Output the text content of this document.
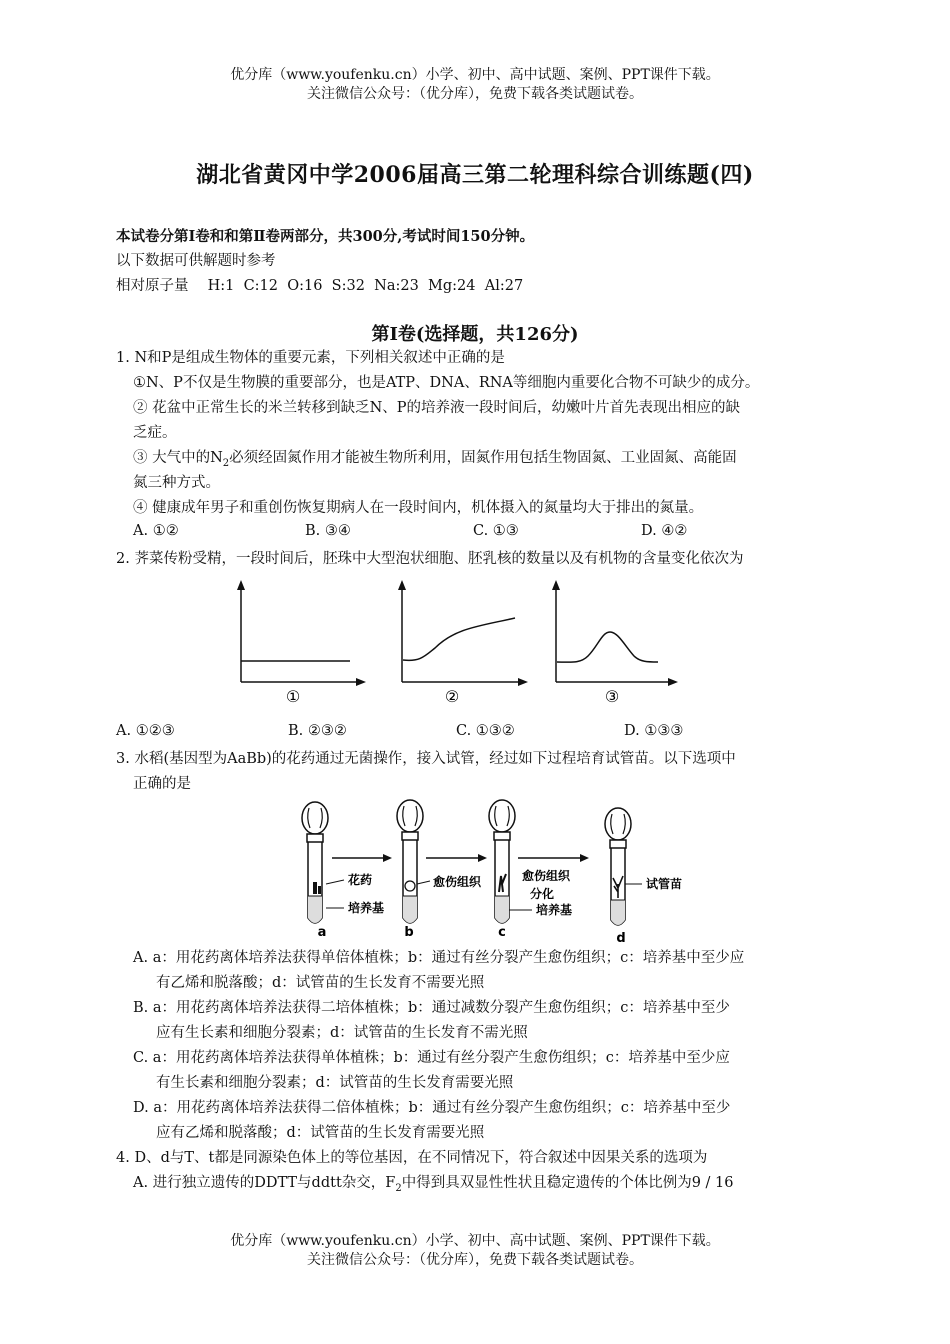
优分库（www.youfenku.cn）小学、初中、高中试题、案例、PPT课件下载。
关注微信公众号：（优分库），免费下载各类试题试卷。
湖北省黄冈中学2006届高三第二轮理科综合训练题(四)
本试卷分第Ⅰ卷和和第Ⅱ卷两部分，共300分,考试时间150分钟。
以下数据可供解题时参考
相对原子量　 H:1  C:12  O:16  S:32  Na:23  Mg:24  Al:27
第Ⅰ卷(选择题，共126分)
1. N和P是组成生物体的重要元素，下列相关叙述中正确的是
①N、P不仅是生物膜的重要部分，也是ATP、DNA、RNA等细胞内重要化合物不可缺少的成分。
② 花盆中正常生长的米兰转移到缺乏N、P的培养液一段时间后，幼嫩叶片首先表现出相应的缺
乏症。
③ 大气中的$N_2$必须经固氮作用才能被生物所利用，固氮作用包括生物固氮、工业固氮、高能固
氮三种方式。
④ 健康成年男子和重创伤恢复期病人在一段时间内，机体摄入的氮量均大于排出的氮量。
A. ①②	B. ③④	C. ①③	D. ④②
2. 荠菜传粉受精，一段时间后，胚珠中大型泡状细胞、胚乳核的数量以及有机物的含量变化依次为
①	②	③
A. ①②③	B. ②③②	C. ①③②	D. ①③③
3. 水稻(基因型为AaBb)的花药通过无菌操作，接入试管，经过如下过程培育试管苗。以下选项中
正确的是
a
花药
培养基
b
愈伤组织
c
愈伤组织
分化
培养基
d
试管苗
A. a：用花药离体培养法获得单倍体植株；b：通过有丝分裂产生愈伤组织；c：培养基中至少应
有乙烯和脱落酸；d：试管苗的生长发育不需要光照
B. a：用花药离体培养法获得二培体植株；b：通过减数分裂产生愈伤组织；c：培养基中至少
应有生长素和细胞分裂素；d：试管苗的生长发育不需光照
C. a：用花药离体培养法获得单体植株；b：通过有丝分裂产生愈伤组织；c：培养基中至少应
有生长素和细胞分裂素；d：试管苗的生长发育需要光照
D. a：用花药离体培养法获得二倍体植株；b：通过有丝分裂产生愈伤组织；c：培养基中至少
应有乙烯和脱落酸；d：试管苗的生长发育需要光照
4. D、d与T、t都是同源染色体上的等位基因，在不同情况下，符合叙述中因果关系的选项为
A. 进行独立遗传的DDTT与ddtt杂交，$F_2$中得到具双显性性状且稳定遗传的个体比例为9 / 16
优分库（www.youfenku.cn）小学、初中、高中试题、案例、PPT课件下载。
关注微信公众号：（优分库），免费下载各类试题试卷。
